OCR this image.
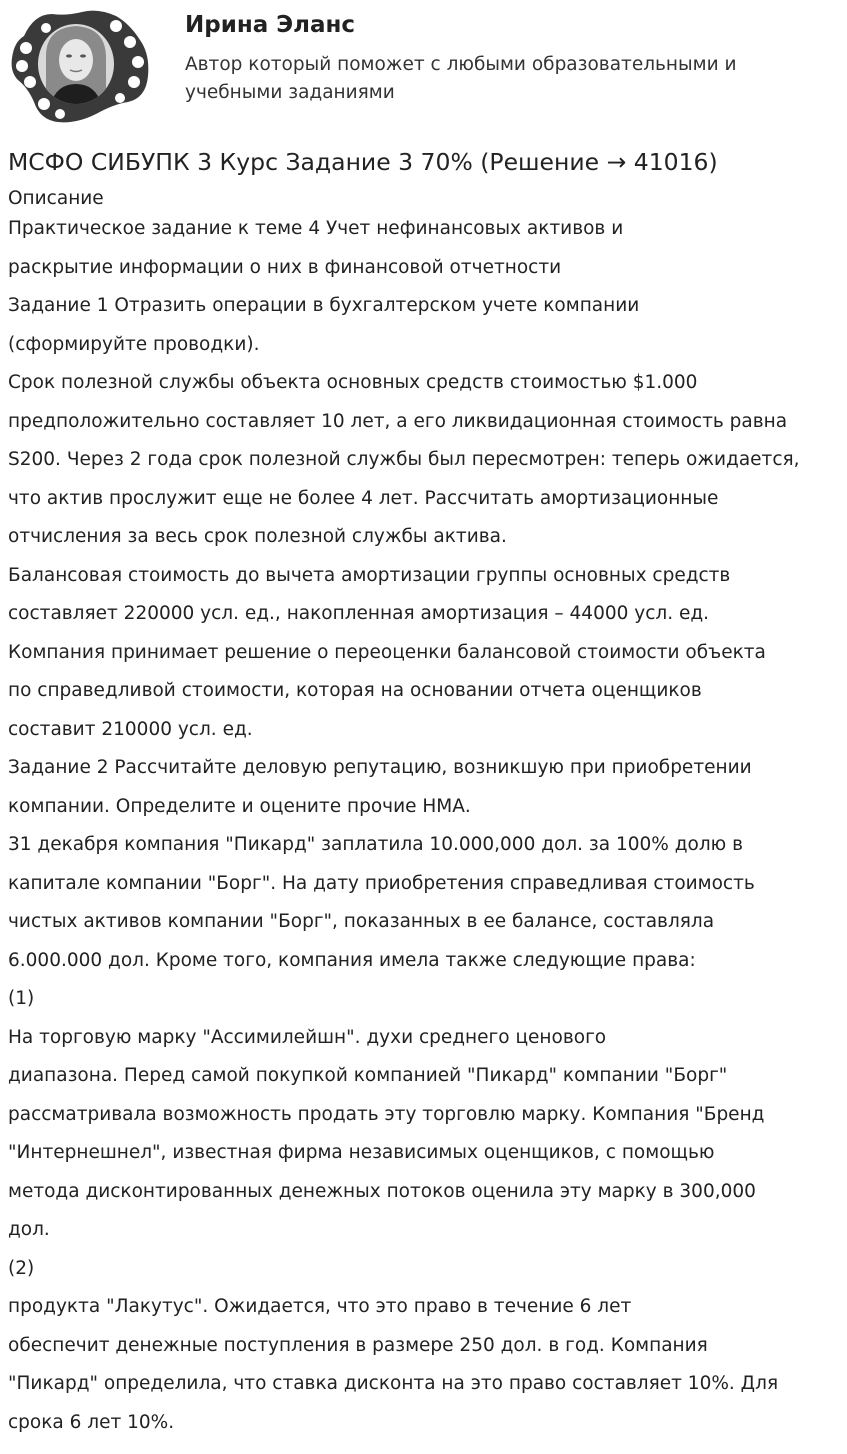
Ирина Эланс
Автор который поможет с любыми образовательными и учебными заданиями
МСФО СИБУПК 3 Курс Задание 3 70% (Решение → 41016)
Описание
Практическое задание к теме 4 Учет нефинансовых активов и
раскрытие информации о них в финансовой отчетности
Задание 1 Отразить операции в бухгалтерском учете компании
(сформируйте проводки).
Срок полезной службы объекта основных средств стоимостью $1.000
предположительно составляет 10 лет, а его ликвидационная стоимость равна
S200. Через 2 года срок полезной службы был пересмотрен: теперь ожидается,
что актив прослужит еще не более 4 лет. Рассчитать амортизационные
отчисления за весь срок полезной службы актива.
Балансовая стоимость до вычета амортизации группы основных средств
составляет 220000 усл. ед., накопленная амортизация – 44000 усл. ед.
Компания принимает решение о переоценки балансовой стоимости объекта
по справедливой стоимости, которая на основании отчета оценщиков
составит 210000 усл. ед.
Задание 2 Рассчитайте деловую репутацию, возникшую при приобретении
компании. Определите и оцените прочие НМА.
31 декабря компания "Пикард" заплатила 10.000,000 дол. за 100% долю в
капитале компании "Борг". На дату приобретения справедливая стоимость
чистых активов компании "Борг", показанных в ее балансе, составляла
6.000.000 дол. Кроме того, компания имела также следующие права:
(1)
На торговую марку "Ассимилейшн". духи среднего ценового
диапазона. Перед самой покупкой компанией "Пикард" компании "Борг"
рассматривала возможность продать эту торговлю марку. Компания "Бренд
"Интернешнел", известная фирма независимых оценщиков, с помощью
метода дисконтированных денежных потоков оценила эту марку в 300,000
дол.
(2)
продукта "Лакутус". Ожидается, что это право в течение 6 лет
обеспечит денежные поступления в размере 250 дол. в год. Компания
"Пикард" определила, что ставка дисконта на это право составляет 10%. Для
срока 6 лет 10%.
